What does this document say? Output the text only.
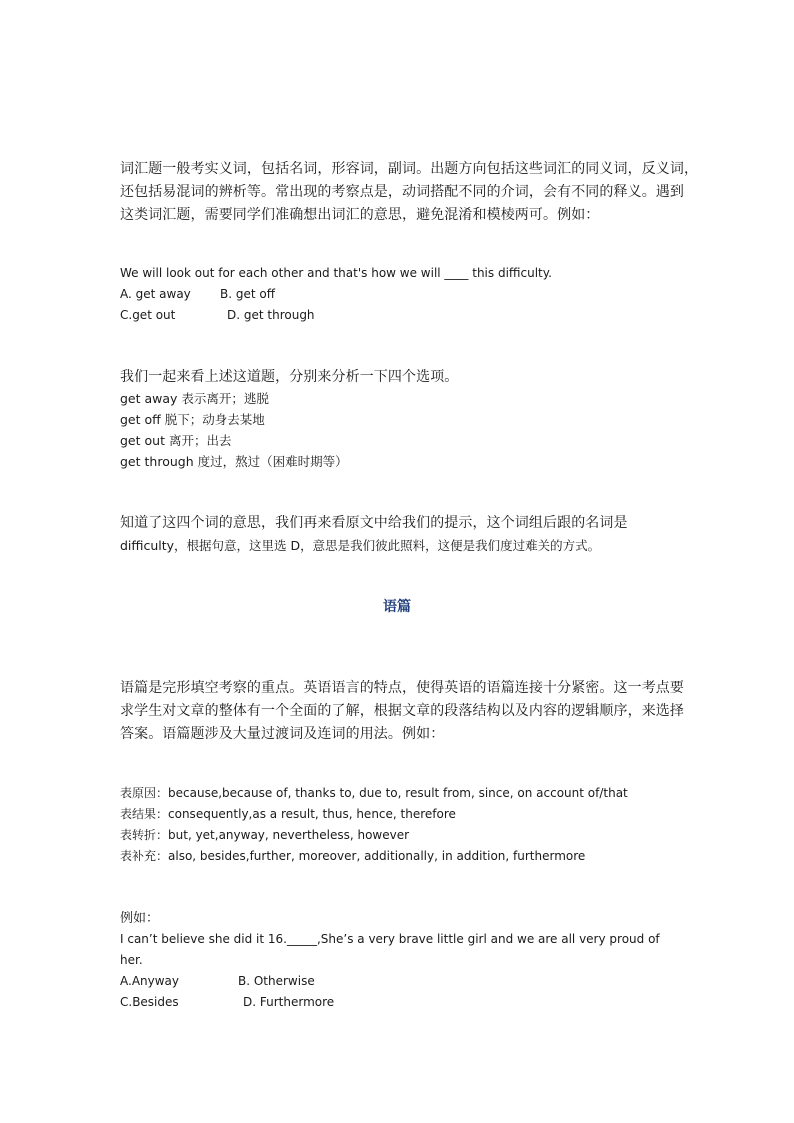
词汇题一般考实义词，包括名词，形容词，副词。出题方向包括这些词汇的同义词，反义词，
还包括易混词的辨析等。常出现的考察点是，动词搭配不同的介词，会有不同的释义。遇到
这类词汇题，需要同学们准确想出词汇的意思，避免混淆和模棱两可。例如：
We will look out for each other and that's how we will ____ this difficulty.
A. get away B. get off
C.get out	D. get through
我们一起来看上述这道题，分别来分析一下四个选项。
get away 表示离开；逃脱
get off 脱下；动身去某地
get out 离开；出去
get through 度过，熬过（困难时期等）
知道了这四个词的意思，我们再来看原文中给我们的提示，这个词组后跟的名词是
difficulty，根据句意，这里选 D，意思是我们彼此照料，这便是我们度过难关的方式。
语篇
语篇是完形填空考察的重点。英语语言的特点，使得英语的语篇连接十分紧密。这一考点要
求学生对文章的整体有一个全面的了解，根据文章的段落结构以及内容的逻辑顺序，来选择
答案。语篇题涉及大量过渡词及连词的用法。例如：
表原因：because,because of, thanks to, due to, result from, since, on account of/that
表结果：consequently,as a result, thus, hence, therefore
表转折：but, yet,anyway, nevertheless, however
表补充：also, besides,further, moreover, additionally, in addition, furthermore
例如：
I can’t believe she did it 16._____,She’s a very brave little girl and we are all very proud of
her.
A.Anyway	B. Otherwise
C.Besides	D. Furthermore
